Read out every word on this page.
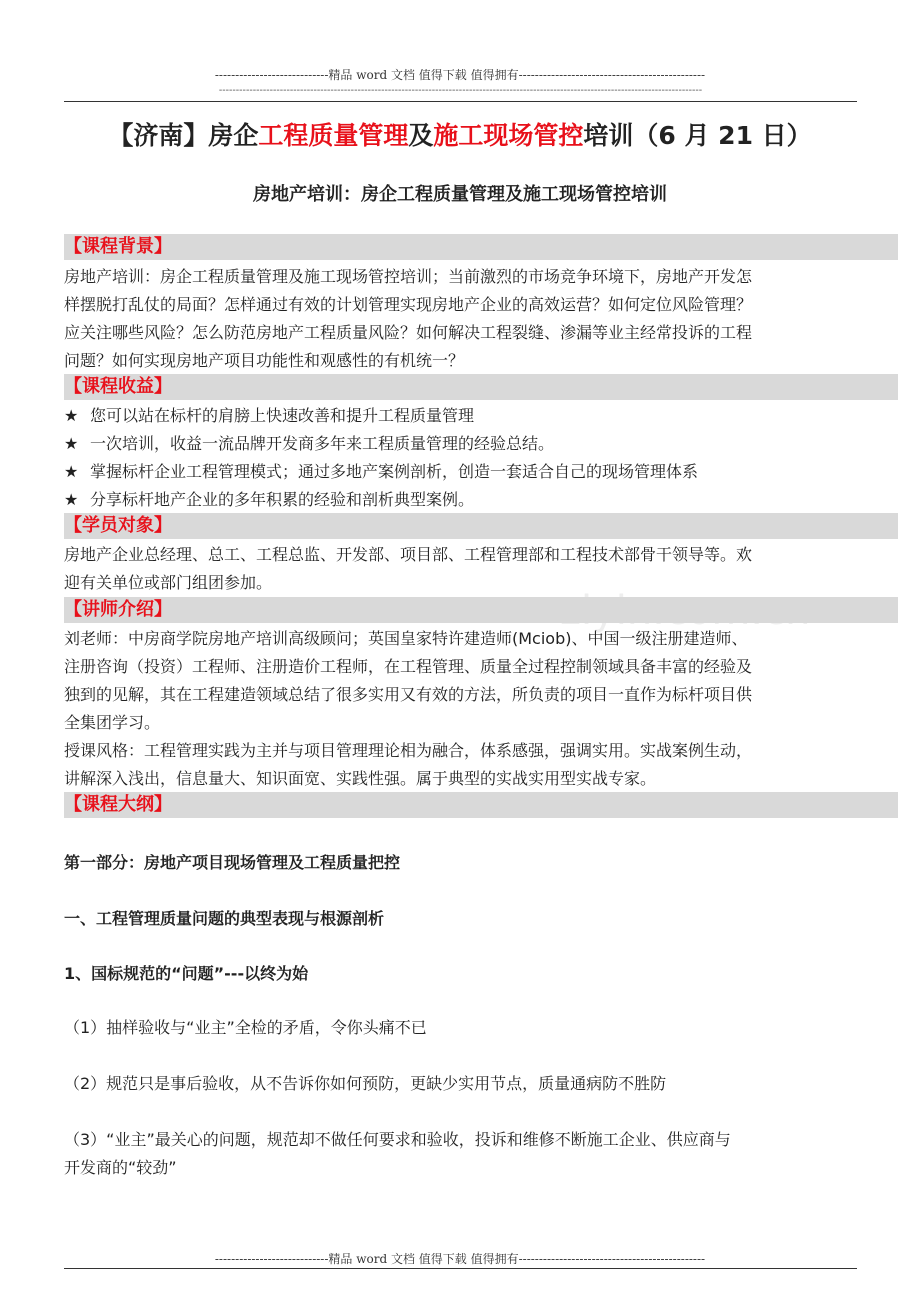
----------------------------精品 word 文档 值得下载 值得拥有----------------------------------------------
-----------------------------------------------------------------------------------------------------------------------------------------------
【济南】房企工程质量管理及施工现场管控培训（6 月 21 日）
房地产培训：房企工程质量管理及施工现场管控培训
【课程背景】
房地产培训：房企工程质量管理及施工现场管控培训；当前激烈的市场竞争环境下，房地产开发怎
样摆脱打乱仗的局面？怎样通过有效的计划管理实现房地产企业的高效运营？如何定位风险管理？
应关注哪些风险？怎么防范房地产工程质量风险？如何解决工程裂缝、渗漏等业主经常投诉的工程
问题？如何实现房地产项目功能性和观感性的有机统一？
【课程收益】
★ 您可以站在标杆的肩膀上快速改善和提升工程质量管理
★ 一次培训，收益一流品牌开发商多年来工程质量管理的经验总结。
★ 掌握标杆企业工程管理模式；通过多地产案例剖析，创造一套适合自己的现场管理体系
★ 分享标杆地产企业的多年积累的经验和剖析典型案例。
【学员对象】
房地产企业总经理、总工、工程总监、开发部、项目部、工程管理部和工程技术部骨干领导等。欢
迎有关单位或部门组团参加。
【讲师介绍】
刘老师：中房商学院房地产培训高级顾问；英国皇家特许建造师(Mciob)、中国一级注册建造师、
注册咨询（投资）工程师、注册造价工程师，在工程管理、质量全过程控制领域具备丰富的经验及
独到的见解，其在工程建造领域总结了很多实用又有效的方法，所负责的项目一直作为标杆项目供
全集团学习。
授课风格：工程管理实践为主并与项目管理理论相为融合，体系感强，强调实用。实战案例生动，
讲解深入浅出，信息量大、知识面宽、实践性强。属于典型的实战实用型实战专家。
【课程大纲】
第一部分：房地产项目现场管理及工程质量把控
一、工程管理质量问题的典型表现与根源剖析
1、国标规范的“问题”---以终为始
（1）抽样验收与“业主”全检的矛盾，令你头痛不已
（2）规范只是事后验收，从不告诉你如何预防，更缺少实用节点，质量通病防不胜防
（3）“业主”最关心的问题，规范却不做任何要求和验收，投诉和维修不断施工企业、供应商与
开发商的“较劲”
----------------------------精品 word 文档 值得下载 值得拥有----------------------------------------------
